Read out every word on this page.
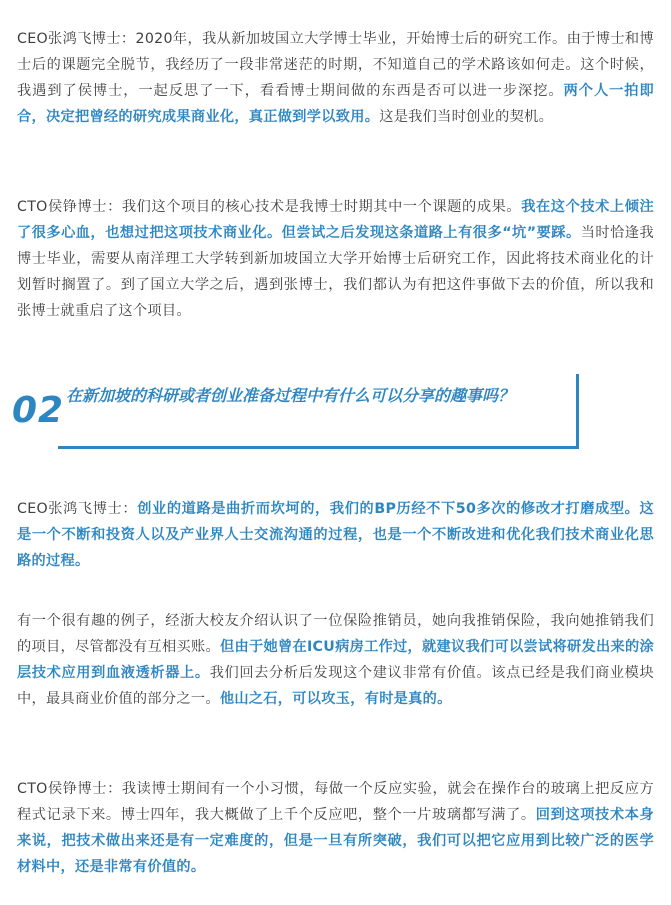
CEO张鸿飞博士：2020年，我从新加坡国立大学博士毕业，开始博士后的研究工作。由于博士和博士后的课题完全脱节，我经历了一段非常迷茫的时期，不知道自己的学术路该如何走。这个时候，我遇到了侯博士，一起反思了一下，看看博士期间做的东西是否可以进一步深挖。两个人一拍即合，决定把曾经的研究成果商业化，真正做到学以致用。这是我们当时创业的契机。

CTO侯铮博士：我们这个项目的核心技术是我博士时期其中一个课题的成果。我在这个技术上倾注了很多心血，也想过把这项技术商业化。但尝试之后发现这条道路上有很多“坑”要踩。当时恰逢我博士毕业，需要从南洋理工大学转到新加坡国立大学开始博士后研究工作，因此将技术商业化的计划暂时搁置了。到了国立大学之后，遇到张博士，我们都认为有把这件事做下去的价值，所以我和张博士就重启了这个项目。

02 在新加坡的科研或者创业准备过程中有什么可以分享的趣事吗？

CEO张鸿飞博士：创业的道路是曲折而坎坷的，我们的BP历经不下50多次的修改才打磨成型。这是一个不断和投资人以及产业界人士交流沟通的过程，也是一个不断改进和优化我们技术商业化思路的过程。

有一个很有趣的例子，经浙大校友介绍认识了一位保险推销员，她向我推销保险，我向她推销我们的项目，尽管都没有互相买账。但由于她曾在ICU病房工作过，就建议我们可以尝试将研发出来的涂层技术应用到血液透析器上。我们回去分析后发现这个建议非常有价值。该点已经是我们商业模块中，最具商业价值的部分之一。他山之石，可以攻玉，有时是真的。

CTO侯铮博士：我读博士期间有一个小习惯，每做一个反应实验，就会在操作台的玻璃上把反应方程式记录下来。博士四年，我大概做了上千个反应吧，整个一片玻璃都写满了。回到这项技术本身来说，把技术做出来还是有一定难度的，但是一旦有所突破，我们可以把它应用到比较广泛的医学材料中，还是非常有价值的。
